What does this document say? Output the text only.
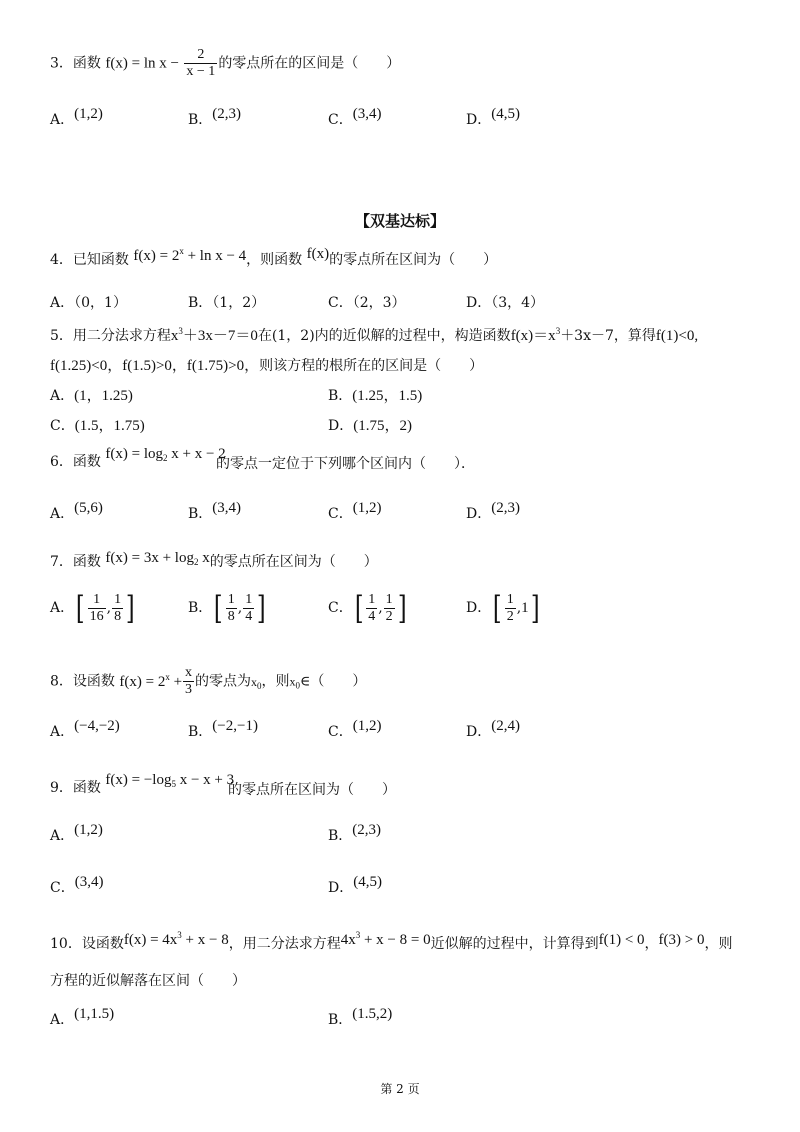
3．函数 $f(x) = \ln x - \frac{2}{x - 1}$ 的零点所在的区间是（　　）
A．(1,2)	B．(2,3)	C．(3,4)	D．(4,5)
【双基达标】
4．已知函数 $f(x) = 2^x + \ln x - 4$，则函数 f(x)的零点所在区间为（　　）
A．（0，1）	B．（1，2）	C．（2，3）	D．（3，4）
5．用二分法求方程$x^3+3x-7=0$在(1，2)内的近似解的过程中，构造函数$f(x)=x^3+3x-7$，算得f(1)<0,
f(1.25)<0，f(1.5)>0，f(1.75)>0，则该方程的根所在的区间是（　　）
A．(1，1.25)	B．(1.25，1.5)
C．(1.5，1.75)	D．(1.75，2)
6．函数 $f(x) = \log_2 x + x - 2$
的零点一定位于下列哪个区间内（　　）．
A．(5,6)	B．(3,4)	C．(1,2)	D．(2,3)
7．函数 $f(x) = 3x + \log_2 x$的零点所在区间为（　　）
A．[ $\frac{1}{16}$ , $\frac{1}{8}$ ]	B．[ $\frac{1}{8}$ , $\frac{1}{4}$ ]	C．[ $\frac{1}{4}$ , $\frac{1}{2}$ ]	D．[ $\frac{1}{2} ,1$]
8．设函数 $f(x) = 2^x + \frac{x}{3}$ 的零点为$x_0$，则$x_0\in$（　　）
A．(−4,−2)	B．(−2,−1)	C．(1,2)	D．(2,4)
9．函数 $f(x) = -\log_5$ x − x + 3
的零点所在区间为（　　）
A．(1,2)	B．(2,3)
C．(3,4)	D．(4,5)
10．设函数$f(x) = 4x^3 + x - 8$，用二分法求方程$4x^3 + x - 8 = 0$近似解的过程中，计算得到f(1) < 0，f(3) > 0，则
方程的近似解落在区间（　　）
A．(1,1.5)	B．(1.5,2)
第 2 页
